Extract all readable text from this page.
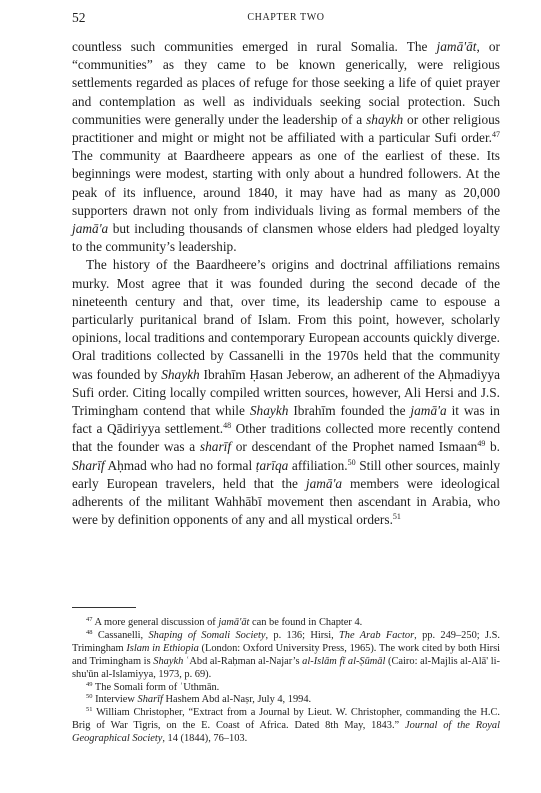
52	CHAPTER TWO

countless such communities emerged in rural Somalia. The jamā'āt, or “communities” as they came to be known generically, were religious settlements regarded as places of refuge for those seeking a life of quiet prayer and contemplation as well as individuals seeking social protection. Such communities were generally under the leadership of a shaykh or other religious practitioner and might or might not be affiliated with a particular Sufi order.$^{47}$ The community at Baardheere appears as one of the earliest of these. Its beginnings were modest, starting with only about a hundred followers. At the peak of its influence, around 1840, it may have had as many as 20,000 supporters drawn not only from individuals living as formal members of the jamā'a but including thousands of clansmen whose elders had pledged loyalty to the community’s leadership.

The history of the Baardheere’s origins and doctrinal affiliations remains murky. Most agree that it was founded during the second decade of the nineteenth century and that, over time, its leadership came to espouse a particularly puritanical brand of Islam. From this point, however, scholarly opinions, local traditions and contemporary European accounts quickly diverge. Oral traditions collected by Cassanelli in the 1970s held that the community was founded by Shaykh Ibrahīm Ḥasan Jeberow, an adherent of the Aḥmadiyya Sufi order. Citing locally compiled written sources, however, Ali Hersi and J.S. Trimingham contend that while Shaykh Ibrahīm founded the jamā'a it was in fact a Qādiriyya settlement.$^{48}$ Other traditions collected more recently contend that the founder was a sharīf or descendant of the Prophet named Ismaan$^{49}$ b. Sharīf Aḥmad who had no formal ṭarīqa affiliation.$^{50}$ Still other sources, mainly early European travelers, held that the jamā'a members were ideological adherents of the militant Wahhābī movement then ascendant in Arabia, who were by definition opponents of any and all mystical orders.$^{51}$

$^{47}$ A more general discussion of jamā'āt can be found in Chapter 4.

$^{48}$ Cassanelli, Shaping of Somali Society, p. 136; Hirsi, The Arab Factor, pp. 249–250; J.S. Trimingham Islam in Ethiopia (London: Oxford University Press, 1965). The work cited by both Hirsi and Trimingham is Shaykh ʿAbd al-Raḥman al-Najar’s al-Islām fī al-Ṣūmāl (Cairo: al-Majlis al-Alā' li-shu'ūn al-Islamiyya, 1973, p. 69).

$^{49}$ The Somali form of ʿUthmān.

$^{50}$ Interview Sharīf Hashem Abd al-Naṣr, July 4, 1994.

$^{51}$ William Christopher, “Extract from a Journal by Lieut. W. Christopher, commanding the H.C. Brig of War Tigris, on the E. Coast of Africa. Dated 8th May, 1843.” Journal of the Royal Geographical Society, 14 (1844), 76–103.
